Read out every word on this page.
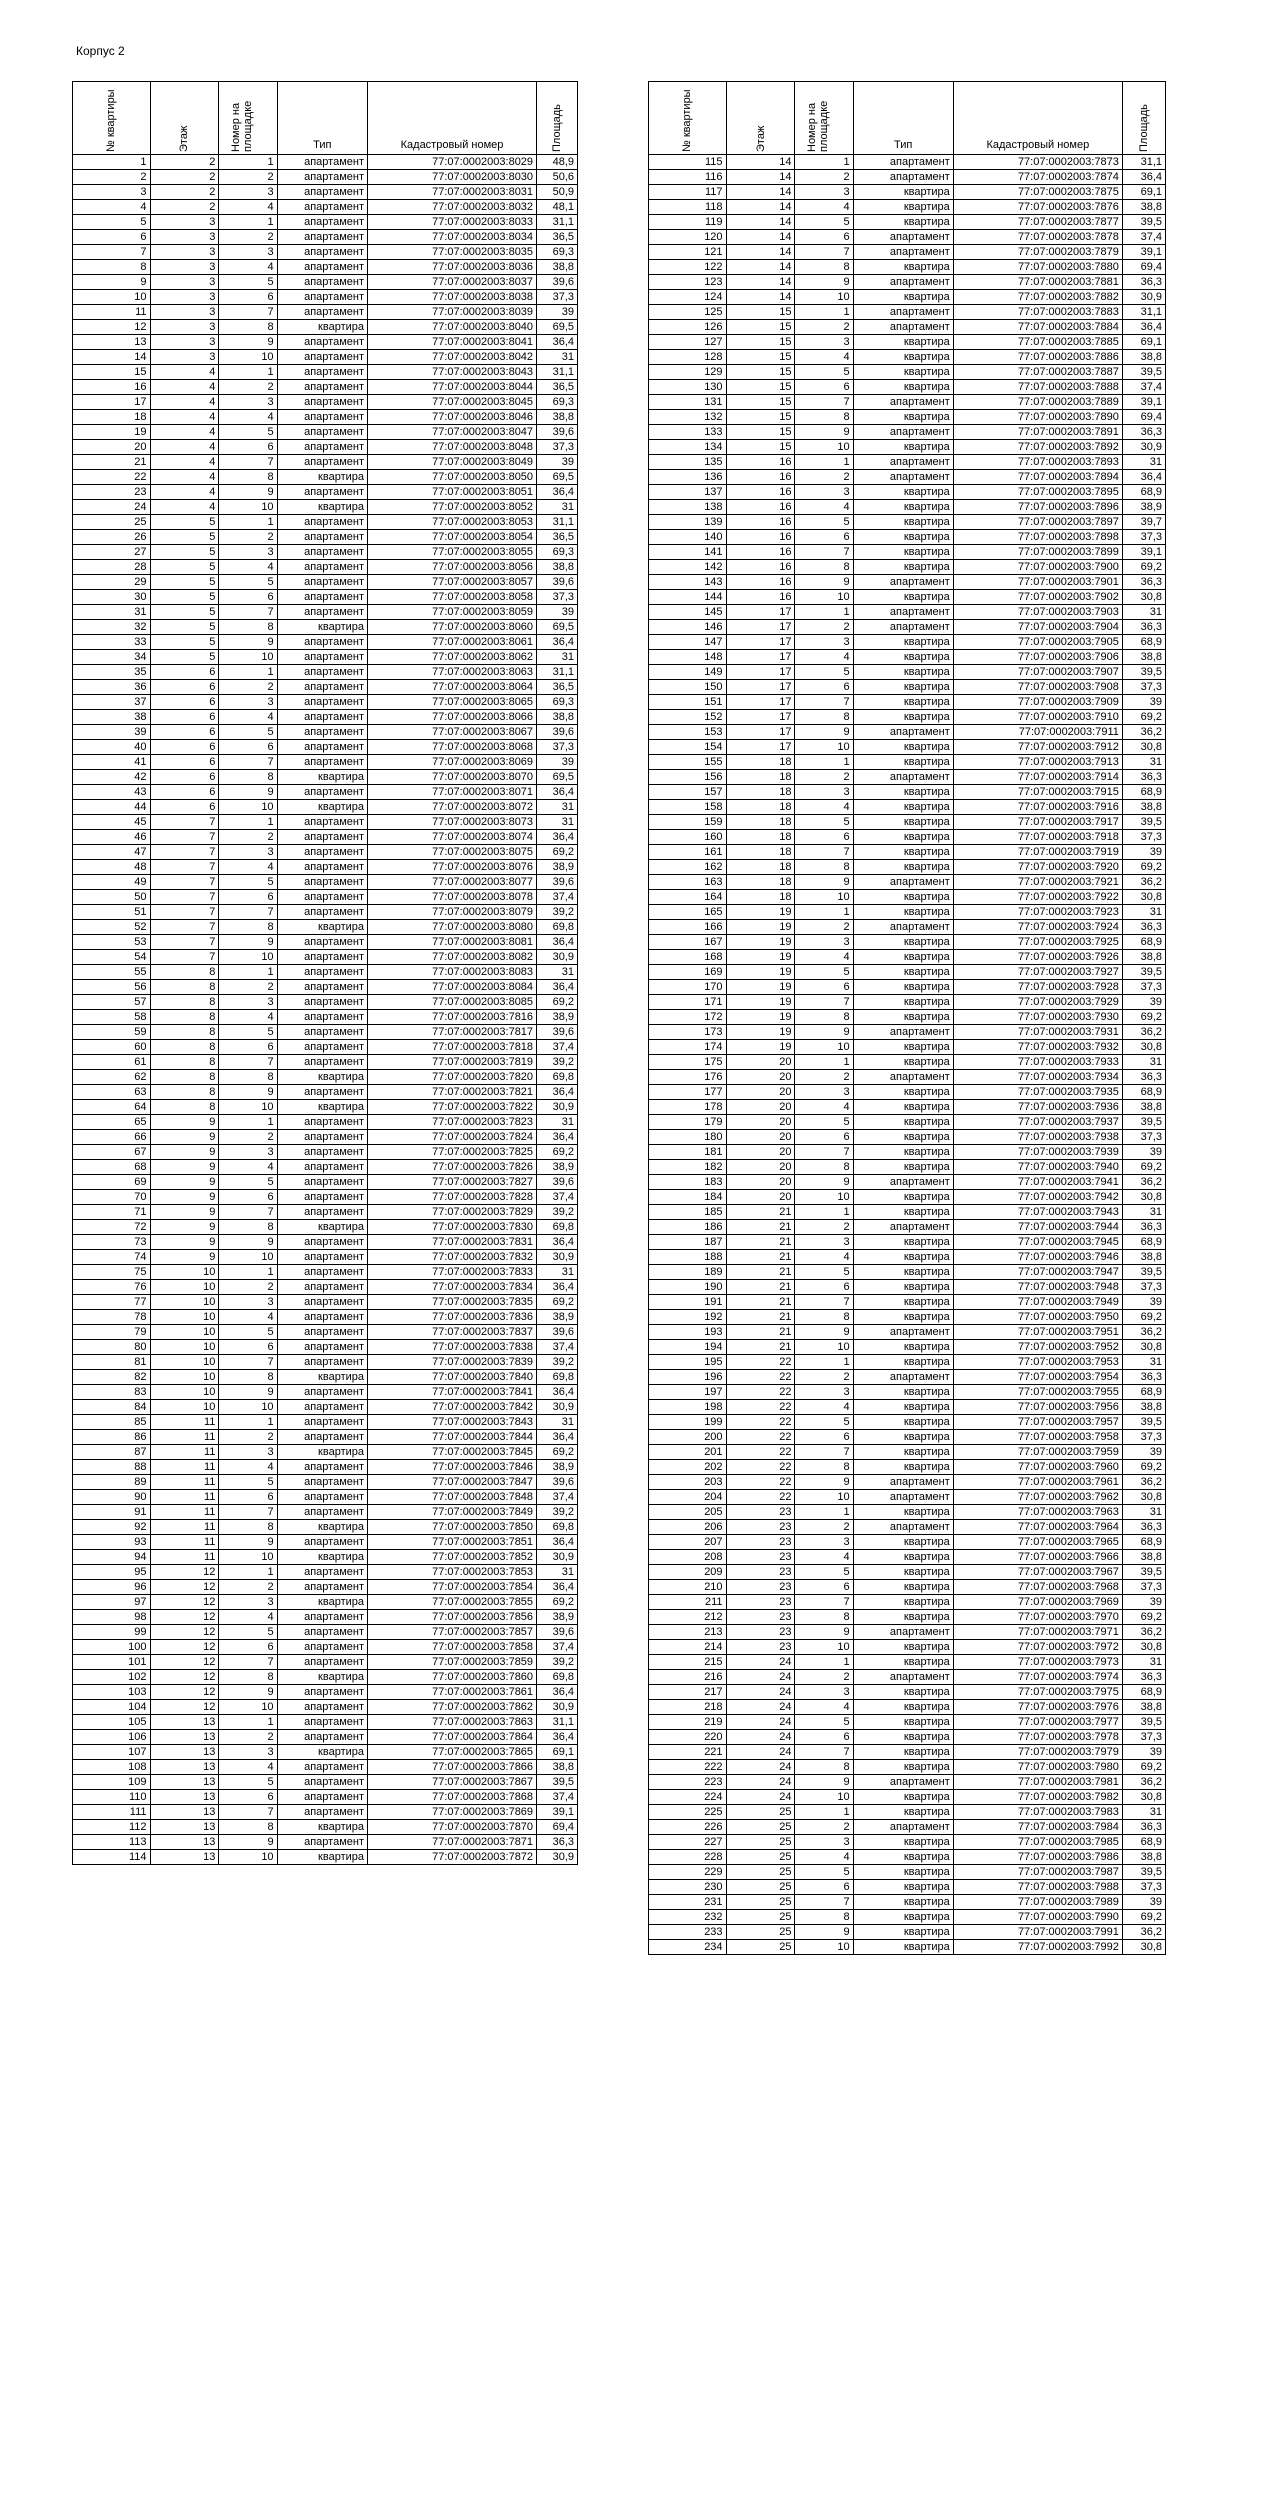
Корпус 2
№ квартиры	Этаж	Номер на площадке	Тип	Кадастровый номер	Площадь

1	2	1	апартамент	77:07:0002003:8029	48,9
2	2	2	апартамент	77:07:0002003:8030	50,6
3	2	3	апартамент	77:07:0002003:8031	50,9
4	2	4	апартамент	77:07:0002003:8032	48,1
5	3	1	апартамент	77:07:0002003:8033	31,1
6	3	2	апартамент	77:07:0002003:8034	36,5
7	3	3	апартамент	77:07:0002003:8035	69,3
8	3	4	апартамент	77:07:0002003:8036	38,8
9	3	5	апартамент	77:07:0002003:8037	39,6
10	3	6	апартамент	77:07:0002003:8038	37,3
11	3	7	апартамент	77:07:0002003:8039	39
12	3	8	квартира	77:07:0002003:8040	69,5
13	3	9	апартамент	77:07:0002003:8041	36,4
14	3	10	апартамент	77:07:0002003:8042	31
15	4	1	апартамент	77:07:0002003:8043	31,1
16	4	2	апартамент	77:07:0002003:8044	36,5
17	4	3	апартамент	77:07:0002003:8045	69,3
18	4	4	апартамент	77:07:0002003:8046	38,8
19	4	5	апартамент	77:07:0002003:8047	39,6
20	4	6	апартамент	77:07:0002003:8048	37,3
21	4	7	апартамент	77:07:0002003:8049	39
22	4	8	квартира	77:07:0002003:8050	69,5
23	4	9	апартамент	77:07:0002003:8051	36,4
24	4	10	квартира	77:07:0002003:8052	31
25	5	1	апартамент	77:07:0002003:8053	31,1
26	5	2	апартамент	77:07:0002003:8054	36,5
27	5	3	апартамент	77:07:0002003:8055	69,3
28	5	4	апартамент	77:07:0002003:8056	38,8
29	5	5	апартамент	77:07:0002003:8057	39,6
30	5	6	апартамент	77:07:0002003:8058	37,3
31	5	7	апартамент	77:07:0002003:8059	39
32	5	8	квартира	77:07:0002003:8060	69,5
33	5	9	апартамент	77:07:0002003:8061	36,4
34	5	10	апартамент	77:07:0002003:8062	31
35	6	1	апартамент	77:07:0002003:8063	31,1
36	6	2	апартамент	77:07:0002003:8064	36,5
37	6	3	апартамент	77:07:0002003:8065	69,3
38	6	4	апартамент	77:07:0002003:8066	38,8
39	6	5	апартамент	77:07:0002003:8067	39,6
40	6	6	апартамент	77:07:0002003:8068	37,3
41	6	7	апартамент	77:07:0002003:8069	39
42	6	8	квартира	77:07:0002003:8070	69,5
43	6	9	апартамент	77:07:0002003:8071	36,4
44	6	10	квартира	77:07:0002003:8072	31
45	7	1	апартамент	77:07:0002003:8073	31
46	7	2	апартамент	77:07:0002003:8074	36,4
47	7	3	апартамент	77:07:0002003:8075	69,2
48	7	4	апартамент	77:07:0002003:8076	38,9
49	7	5	апартамент	77:07:0002003:8077	39,6
50	7	6	апартамент	77:07:0002003:8078	37,4
51	7	7	апартамент	77:07:0002003:8079	39,2
52	7	8	квартира	77:07:0002003:8080	69,8
53	7	9	апартамент	77:07:0002003:8081	36,4
54	7	10	апартамент	77:07:0002003:8082	30,9
55	8	1	апартамент	77:07:0002003:8083	31
56	8	2	апартамент	77:07:0002003:8084	36,4
57	8	3	апартамент	77:07:0002003:8085	69,2
58	8	4	апартамент	77:07:0002003:7816	38,9
59	8	5	апартамент	77:07:0002003:7817	39,6
60	8	6	апартамент	77:07:0002003:7818	37,4
61	8	7	апартамент	77:07:0002003:7819	39,2
62	8	8	квартира	77:07:0002003:7820	69,8
63	8	9	апартамент	77:07:0002003:7821	36,4
64	8	10	квартира	77:07:0002003:7822	30,9
65	9	1	апартамент	77:07:0002003:7823	31
66	9	2	апартамент	77:07:0002003:7824	36,4
67	9	3	апартамент	77:07:0002003:7825	69,2
68	9	4	апартамент	77:07:0002003:7826	38,9
69	9	5	апартамент	77:07:0002003:7827	39,6
70	9	6	апартамент	77:07:0002003:7828	37,4
71	9	7	апартамент	77:07:0002003:7829	39,2
72	9	8	квартира	77:07:0002003:7830	69,8
73	9	9	апартамент	77:07:0002003:7831	36,4
74	9	10	апартамент	77:07:0002003:7832	30,9
75	10	1	апартамент	77:07:0002003:7833	31
76	10	2	апартамент	77:07:0002003:7834	36,4
77	10	3	апартамент	77:07:0002003:7835	69,2
78	10	4	апартамент	77:07:0002003:7836	38,9
79	10	5	апартамент	77:07:0002003:7837	39,6
80	10	6	апартамент	77:07:0002003:7838	37,4
81	10	7	апартамент	77:07:0002003:7839	39,2
82	10	8	квартира	77:07:0002003:7840	69,8
83	10	9	апартамент	77:07:0002003:7841	36,4
84	10	10	апартамент	77:07:0002003:7842	30,9
85	11	1	апартамент	77:07:0002003:7843	31
86	11	2	апартамент	77:07:0002003:7844	36,4
87	11	3	квартира	77:07:0002003:7845	69,2
88	11	4	апартамент	77:07:0002003:7846	38,9
89	11	5	апартамент	77:07:0002003:7847	39,6
90	11	6	апартамент	77:07:0002003:7848	37,4
91	11	7	апартамент	77:07:0002003:7849	39,2
92	11	8	квартира	77:07:0002003:7850	69,8
93	11	9	апартамент	77:07:0002003:7851	36,4
94	11	10	квартира	77:07:0002003:7852	30,9
95	12	1	апартамент	77:07:0002003:7853	31
96	12	2	апартамент	77:07:0002003:7854	36,4
97	12	3	квартира	77:07:0002003:7855	69,2
98	12	4	апартамент	77:07:0002003:7856	38,9
99	12	5	апартамент	77:07:0002003:7857	39,6
100	12	6	апартамент	77:07:0002003:7858	37,4
101	12	7	апартамент	77:07:0002003:7859	39,2
102	12	8	квартира	77:07:0002003:7860	69,8
103	12	9	апартамент	77:07:0002003:7861	36,4
104	12	10	апартамент	77:07:0002003:7862	30,9
105	13	1	апартамент	77:07:0002003:7863	31,1
106	13	2	апартамент	77:07:0002003:7864	36,4
107	13	3	квартира	77:07:0002003:7865	69,1
108	13	4	апартамент	77:07:0002003:7866	38,8
109	13	5	апартамент	77:07:0002003:7867	39,5
110	13	6	апартамент	77:07:0002003:7868	37,4
111	13	7	апартамент	77:07:0002003:7869	39,1
112	13	8	квартира	77:07:0002003:7870	69,4
113	13	9	апартамент	77:07:0002003:7871	36,3
114	13	10	квартира	77:07:0002003:7872	30,9
№ квартиры	Этаж	Номер на площадке	Тип	Кадастровый номер	Площадь

115	14	1	апартамент	77:07:0002003:7873	31,1
116	14	2	апартамент	77:07:0002003:7874	36,4
117	14	3	квартира	77:07:0002003:7875	69,1
118	14	4	квартира	77:07:0002003:7876	38,8
119	14	5	квартира	77:07:0002003:7877	39,5
120	14	6	апартамент	77:07:0002003:7878	37,4
121	14	7	апартамент	77:07:0002003:7879	39,1
122	14	8	квартира	77:07:0002003:7880	69,4
123	14	9	апартамент	77:07:0002003:7881	36,3
124	14	10	квартира	77:07:0002003:7882	30,9
125	15	1	апартамент	77:07:0002003:7883	31,1
126	15	2	апартамент	77:07:0002003:7884	36,4
127	15	3	квартира	77:07:0002003:7885	69,1
128	15	4	квартира	77:07:0002003:7886	38,8
129	15	5	квартира	77:07:0002003:7887	39,5
130	15	6	квартира	77:07:0002003:7888	37,4
131	15	7	апартамент	77:07:0002003:7889	39,1
132	15	8	квартира	77:07:0002003:7890	69,4
133	15	9	апартамент	77:07:0002003:7891	36,3
134	15	10	квартира	77:07:0002003:7892	30,9
135	16	1	апартамент	77:07:0002003:7893	31
136	16	2	апартамент	77:07:0002003:7894	36,4
137	16	3	квартира	77:07:0002003:7895	68,9
138	16	4	квартира	77:07:0002003:7896	38,9
139	16	5	квартира	77:07:0002003:7897	39,7
140	16	6	квартира	77:07:0002003:7898	37,3
141	16	7	квартира	77:07:0002003:7899	39,1
142	16	8	квартира	77:07:0002003:7900	69,2
143	16	9	апартамент	77:07:0002003:7901	36,3
144	16	10	квартира	77:07:0002003:7902	30,8
145	17	1	апартамент	77:07:0002003:7903	31
146	17	2	апартамент	77:07:0002003:7904	36,3
147	17	3	квартира	77:07:0002003:7905	68,9
148	17	4	квартира	77:07:0002003:7906	38,8
149	17	5	квартира	77:07:0002003:7907	39,5
150	17	6	квартира	77:07:0002003:7908	37,3
151	17	7	квартира	77:07:0002003:7909	39
152	17	8	квартира	77:07:0002003:7910	69,2
153	17	9	апартамент	77:07:0002003:7911	36,2
154	17	10	квартира	77:07:0002003:7912	30,8
155	18	1	квартира	77:07:0002003:7913	31
156	18	2	апартамент	77:07:0002003:7914	36,3
157	18	3	квартира	77:07:0002003:7915	68,9
158	18	4	квартира	77:07:0002003:7916	38,8
159	18	5	квартира	77:07:0002003:7917	39,5
160	18	6	квартира	77:07:0002003:7918	37,3
161	18	7	квартира	77:07:0002003:7919	39
162	18	8	квартира	77:07:0002003:7920	69,2
163	18	9	апартамент	77:07:0002003:7921	36,2
164	18	10	квартира	77:07:0002003:7922	30,8
165	19	1	квартира	77:07:0002003:7923	31
166	19	2	апартамент	77:07:0002003:7924	36,3
167	19	3	квартира	77:07:0002003:7925	68,9
168	19	4	квартира	77:07:0002003:7926	38,8
169	19	5	квартира	77:07:0002003:7927	39,5
170	19	6	квартира	77:07:0002003:7928	37,3
171	19	7	квартира	77:07:0002003:7929	39
172	19	8	квартира	77:07:0002003:7930	69,2
173	19	9	апартамент	77:07:0002003:7931	36,2
174	19	10	квартира	77:07:0002003:7932	30,8
175	20	1	квартира	77:07:0002003:7933	31
176	20	2	апартамент	77:07:0002003:7934	36,3
177	20	3	квартира	77:07:0002003:7935	68,9
178	20	4	квартира	77:07:0002003:7936	38,8
179	20	5	квартира	77:07:0002003:7937	39,5
180	20	6	квартира	77:07:0002003:7938	37,3
181	20	7	квартира	77:07:0002003:7939	39
182	20	8	квартира	77:07:0002003:7940	69,2
183	20	9	апартамент	77:07:0002003:7941	36,2
184	20	10	квартира	77:07:0002003:7942	30,8
185	21	1	квартира	77:07:0002003:7943	31
186	21	2	апартамент	77:07:0002003:7944	36,3
187	21	3	квартира	77:07:0002003:7945	68,9
188	21	4	квартира	77:07:0002003:7946	38,8
189	21	5	квартира	77:07:0002003:7947	39,5
190	21	6	квартира	77:07:0002003:7948	37,3
191	21	7	квартира	77:07:0002003:7949	39
192	21	8	квартира	77:07:0002003:7950	69,2
193	21	9	апартамент	77:07:0002003:7951	36,2
194	21	10	квартира	77:07:0002003:7952	30,8
195	22	1	квартира	77:07:0002003:7953	31
196	22	2	апартамент	77:07:0002003:7954	36,3
197	22	3	квартира	77:07:0002003:7955	68,9
198	22	4	квартира	77:07:0002003:7956	38,8
199	22	5	квартира	77:07:0002003:7957	39,5
200	22	6	квартира	77:07:0002003:7958	37,3
201	22	7	квартира	77:07:0002003:7959	39
202	22	8	квартира	77:07:0002003:7960	69,2
203	22	9	апартамент	77:07:0002003:7961	36,2
204	22	10	апартамент	77:07:0002003:7962	30,8
205	23	1	квартира	77:07:0002003:7963	31
206	23	2	апартамент	77:07:0002003:7964	36,3
207	23	3	квартира	77:07:0002003:7965	68,9
208	23	4	квартира	77:07:0002003:7966	38,8
209	23	5	квартира	77:07:0002003:7967	39,5
210	23	6	квартира	77:07:0002003:7968	37,3
211	23	7	квартира	77:07:0002003:7969	39
212	23	8	квартира	77:07:0002003:7970	69,2
213	23	9	апартамент	77:07:0002003:7971	36,2
214	23	10	квартира	77:07:0002003:7972	30,8
215	24	1	квартира	77:07:0002003:7973	31
216	24	2	апартамент	77:07:0002003:7974	36,3
217	24	3	квартира	77:07:0002003:7975	68,9
218	24	4	квартира	77:07:0002003:7976	38,8
219	24	5	квартира	77:07:0002003:7977	39,5
220	24	6	квартира	77:07:0002003:7978	37,3
221	24	7	квартира	77:07:0002003:7979	39
222	24	8	квартира	77:07:0002003:7980	69,2
223	24	9	апартамент	77:07:0002003:7981	36,2
224	24	10	квартира	77:07:0002003:7982	30,8
225	25	1	квартира	77:07:0002003:7983	31
226	25	2	апартамент	77:07:0002003:7984	36,3
227	25	3	квартира	77:07:0002003:7985	68,9
228	25	4	квартира	77:07:0002003:7986	38,8
229	25	5	квартира	77:07:0002003:7987	39,5
230	25	6	квартира	77:07:0002003:7988	37,3
231	25	7	квартира	77:07:0002003:7989	39
232	25	8	квартира	77:07:0002003:7990	69,2
233	25	9	квартира	77:07:0002003:7991	36,2
234	25	10	квартира	77:07:0002003:7992	30,8
